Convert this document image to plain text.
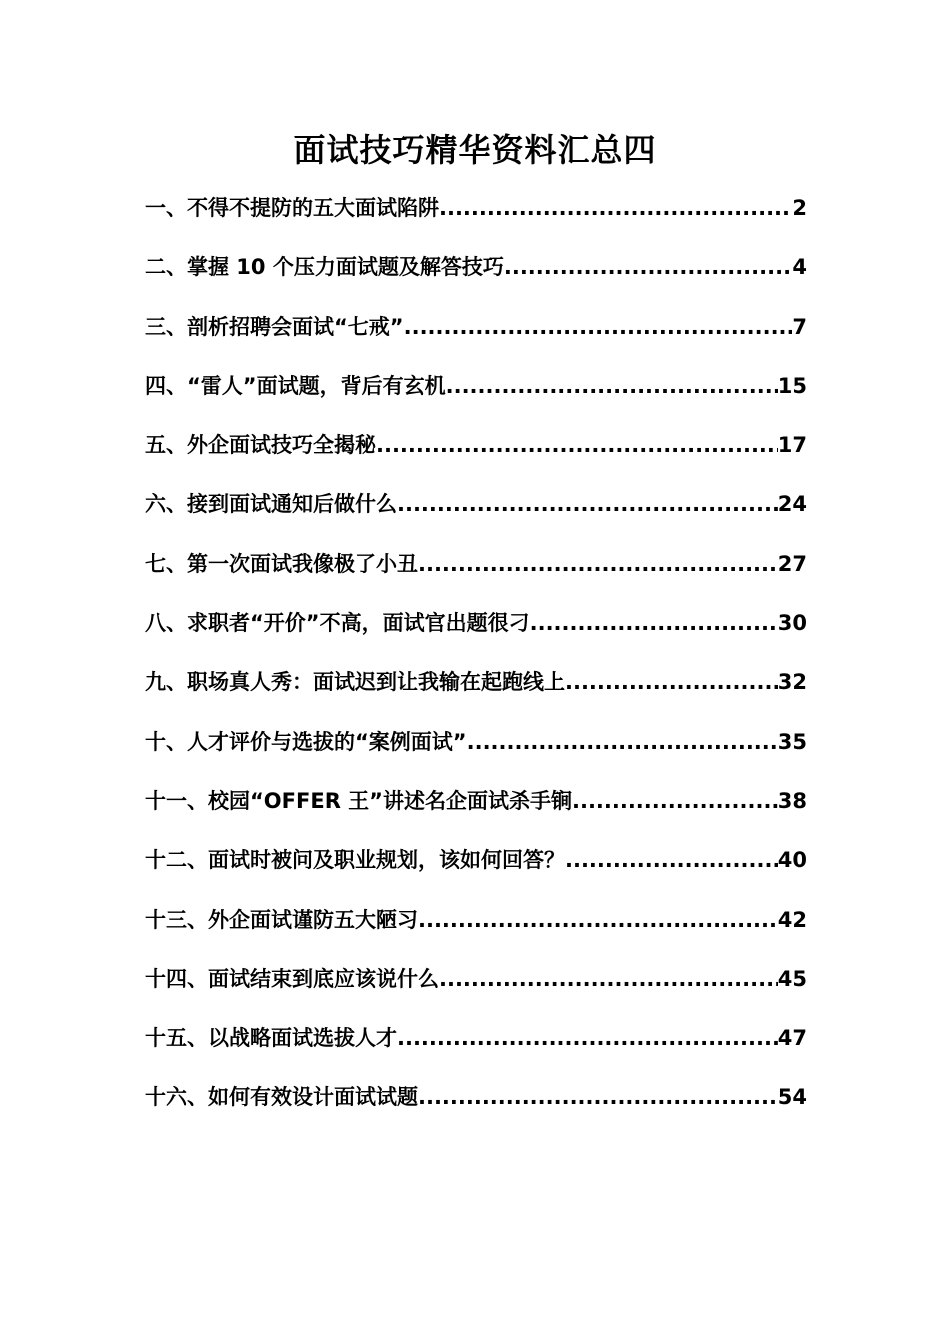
面试技巧精华资料汇总四
一、不得不提防的五大面试陷阱 .....	2
二、掌握 10 个压力面试题及解答技巧 .....	4
三、剖析招聘会面试“七戒” .....	7
四、“雷人”面试题，背后有玄机 .....	15
五、外企面试技巧全揭秘 .....	17
六、接到面试通知后做什么 .....	24
七、第一次面试我像极了小丑 .....	27
八、求职者“开价”不高，面试官出题很刁 .....	30
九、职场真人秀：面试迟到让我输在起跑线上 .....	32
十、人才评价与选拔的“案例面试” .....	35
十一、校园“OFFER 王”讲述名企面试杀手锏 .....	38
十二、面试时被问及职业规划，该如何回答？ .....	40
十三、外企面试谨防五大陋习 .....	42
十四、面试结束到底应该说什么 .....	45
十五、以战略面试选拔人才 .....	47
十六、如何有效设计面试试题 .....	54
